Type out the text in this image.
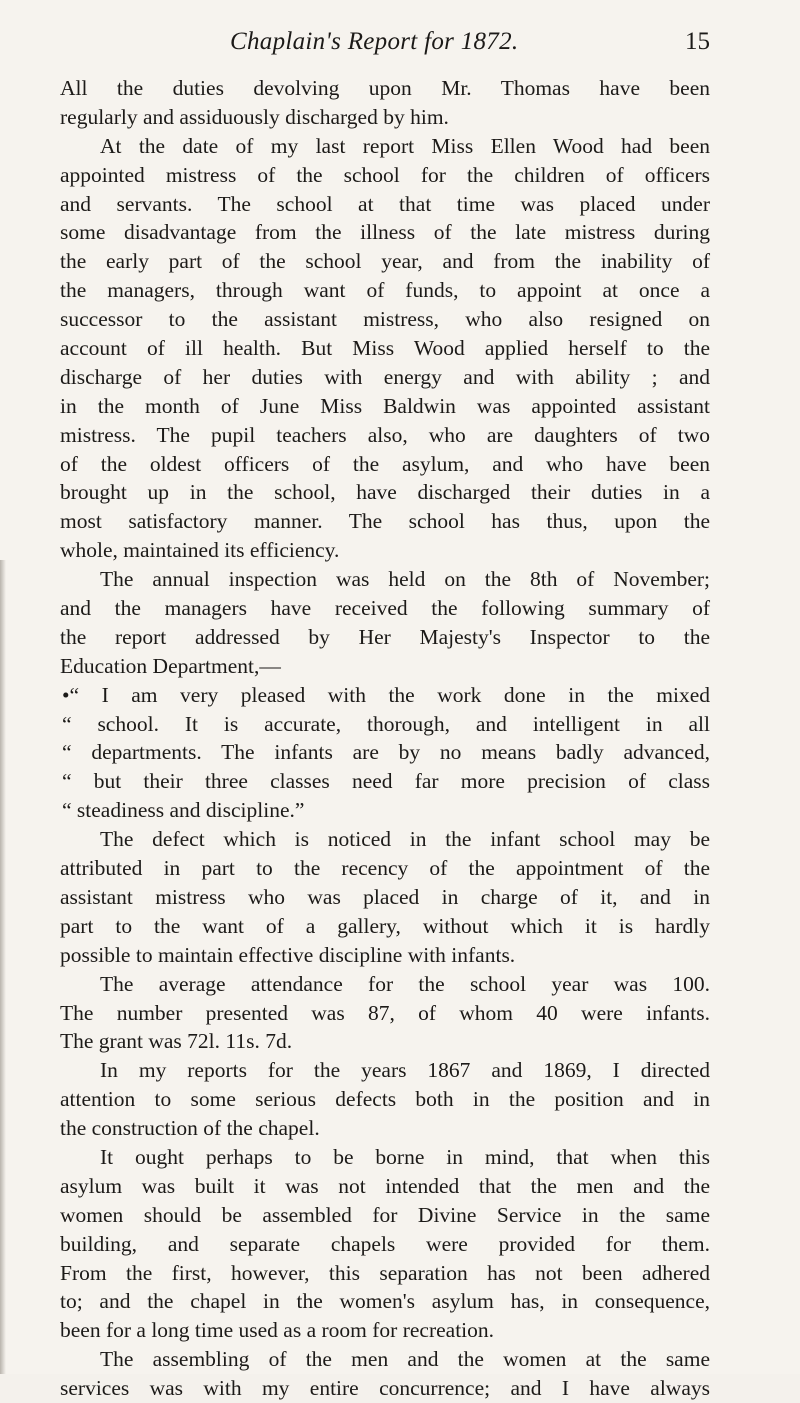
Chaplain's Report for 1872.	15
All the duties devolving upon Mr. Thomas have been
regularly and assiduously discharged by him.
At the date of my last report Miss Ellen Wood had been
appointed mistress of the school for the children of officers
and servants. The school at that time was placed under
some disadvantage from the illness of the late mistress during
the early part of the school year, and from the inability of
the managers, through want of funds, to appoint at once a
successor to the assistant mistress, who also resigned on
account of ill health. But Miss Wood applied herself to the
discharge of her duties with energy and with ability ; and
in the month of June Miss Baldwin was appointed assistant
mistress. The pupil teachers also, who are daughters of two
of the oldest officers of the asylum, and who have been
brought up in the school, have discharged their duties in a
most satisfactory manner. The school has thus, upon the
whole, maintained its efficiency.
The annual inspection was held on the 8th of November;
and the managers have received the following summary of
the report addressed by Her Majesty's Inspector to the
Education Department,—
•“ I am very pleased with the work done in the mixed
“ school. It is accurate, thorough, and intelligent in all
“ departments. The infants are by no means badly advanced,
“ but their three classes need far more precision of class
“ steadiness and discipline.”
The defect which is noticed in the infant school may be
attributed in part to the recency of the appointment of the
assistant mistress who was placed in charge of it, and in
part to the want of a gallery, without which it is hardly
possible to maintain effective discipline with infants.
The average attendance for the school year was 100.
The number presented was 87, of whom 40 were infants.
The grant was 72l. 11s. 7d.
In my reports for the years 1867 and 1869, I directed
attention to some serious defects both in the position and in
the construction of the chapel.
It ought perhaps to be borne in mind, that when this
asylum was built it was not intended that the men and the
women should be assembled for Divine Service in the same
building, and separate chapels were provided for them.
From the first, however, this separation has not been adhered
to; and the chapel in the women's asylum has, in consequence,
been for a long time used as a room for recreation.
The assembling of the men and the women at the same
services was with my entire concurrence; and I have always
